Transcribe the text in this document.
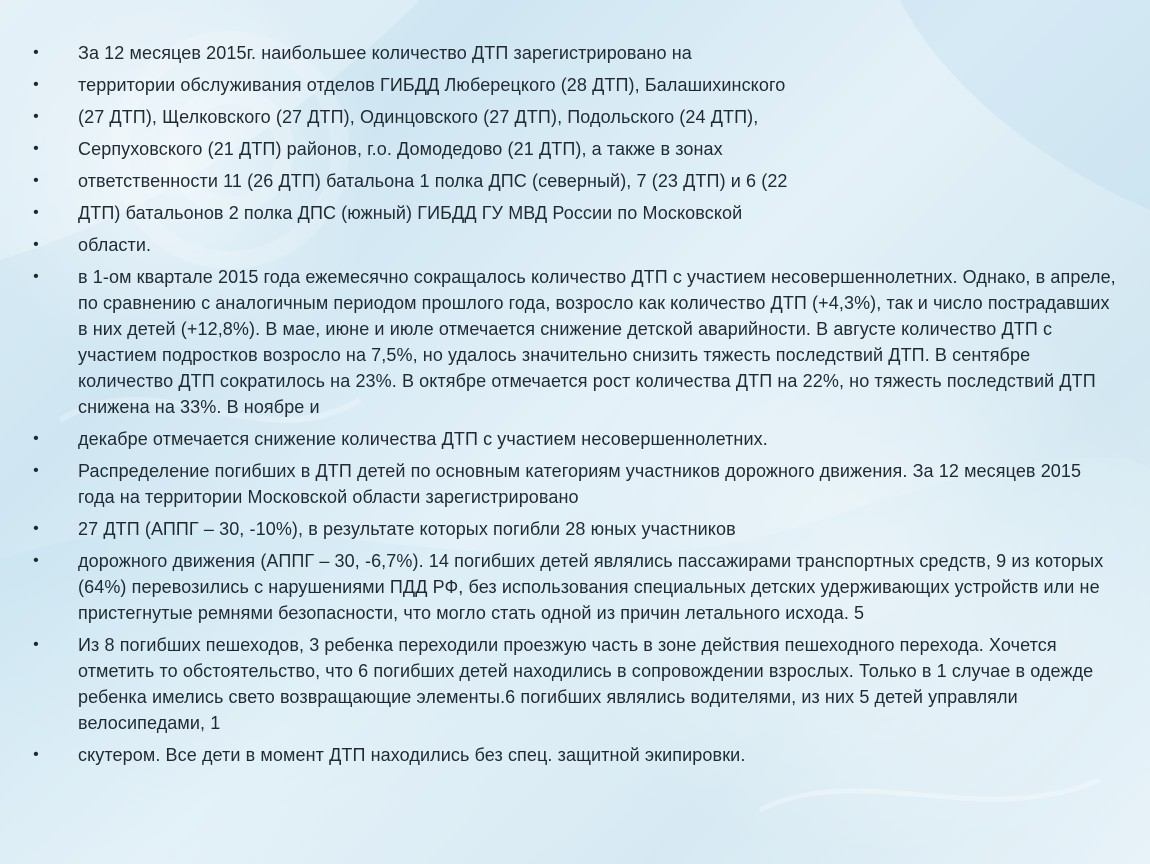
• За 12 месяцев 2015г. наибольшее количество ДТП зарегистрировано на
• территории обслуживания отделов ГИБДД Люберецкого (28 ДТП), Балашихинского
• (27 ДТП), Щелковского (27 ДТП), Одинцовского (27 ДТП), Подольского (24 ДТП),
• Серпуховского (21 ДТП) районов, г.о. Домодедово (21 ДТП), а также в зонах
• ответственности 11 (26 ДТП) батальона 1 полка ДПС (северный), 7 (23 ДТП) и 6 (22
• ДТП) батальонов 2 полка ДПС (южный) ГИБДД ГУ МВД России по Московской
• области.
• в 1-ом квартале 2015 года ежемесячно сокращалось количество ДТП с участием несовершеннолетних. Однако, в апреле, по сравнению с аналогичным периодом прошлого года, возросло как количество ДТП (+4,3%), так и число пострадавших в них детей (+12,8%). В мае, июне и июле отмечается снижение детской аварийности. В августе количество ДТП с участием подростков возросло на 7,5%, но удалось значительно снизить тяжесть последствий ДТП. В сентябре количество ДТП сократилось на 23%. В октябре отмечается рост количества ДТП на 22%, но тяжесть последствий ДТП снижена на 33%. В ноябре и
• декабре отмечается снижение количества ДТП с участием несовершеннолетних.
• Распределение погибших в ДТП детей по основным категориям участников дорожного движения. За 12 месяцев 2015 года на территории Московской области зарегистрировано
• 27 ДТП (АППГ – 30, -10%), в результате которых погибли 28 юных участников
• дорожного движения (АППГ – 30, -6,7%). 14 погибших детей являлись пассажирами транспортных средств, 9 из которых (64%) перевозились с нарушениями ПДД РФ, без использования специальных детских удерживающих устройств или не пристегнутые ремнями безопасности, что могло стать одной из причин летального исхода. 5
• Из 8 погибших пешеходов, 3 ребенка переходили проезжую часть в зоне действия пешеходного перехода. Хочется отметить то обстоятельство, что 6 погибших детей находились в сопровождении взрослых. Только в 1 случае в одежде ребенка имелись свето возвращающие элементы.6 погибших являлись водителями, из них 5 детей управляли велосипедами, 1
• скутером. Все дети в момент ДТП находились без спец. защитной экипировки.
